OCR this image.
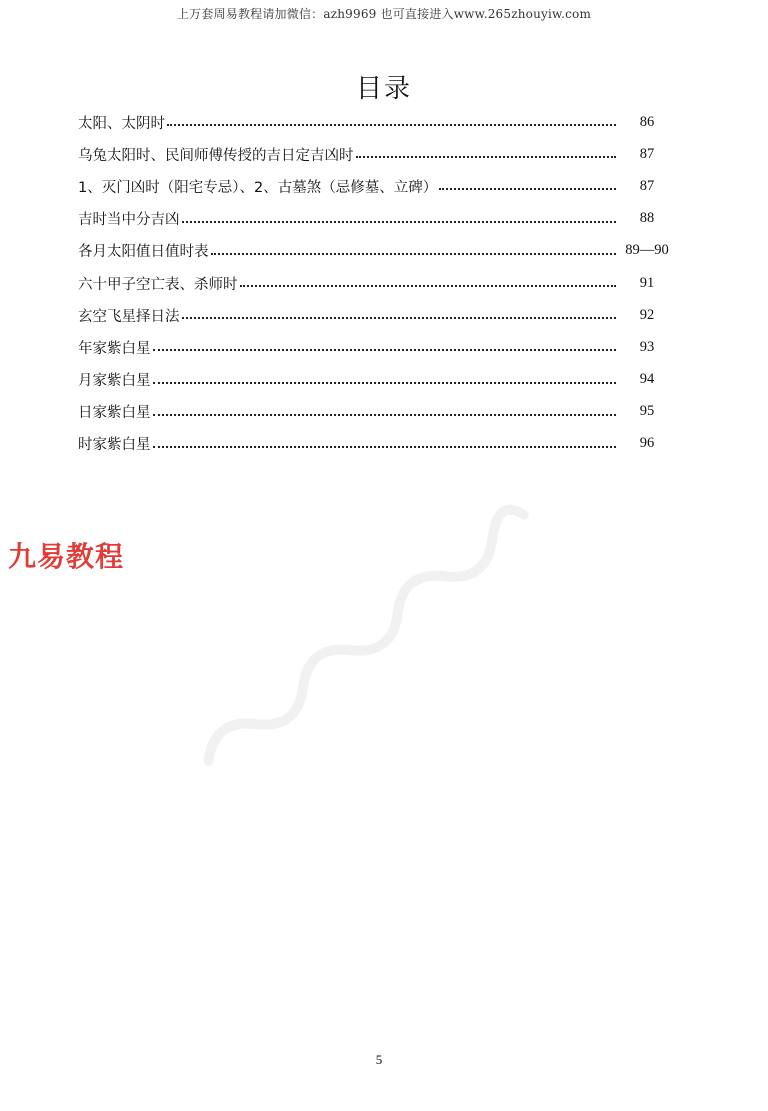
上万套周易教程请加微信：azh9969 也可直接进入www.265zhouyiw.com
目录
太阳、太阴时	86
乌兔太阳时、民间师傅传授的吉日定吉凶时	87
1、灭门凶时（阳宅专忌）、2、古墓煞（忌修墓、立碑）	87
吉时当中分吉凶	88
各月太阳值日值时表	89—90
六十甲子空亡表、杀师时	91
玄空飞星择日法	92
年家紫白星	93
月家紫白星	94
日家紫白星	95
时家紫白星	96
九易教程
5
